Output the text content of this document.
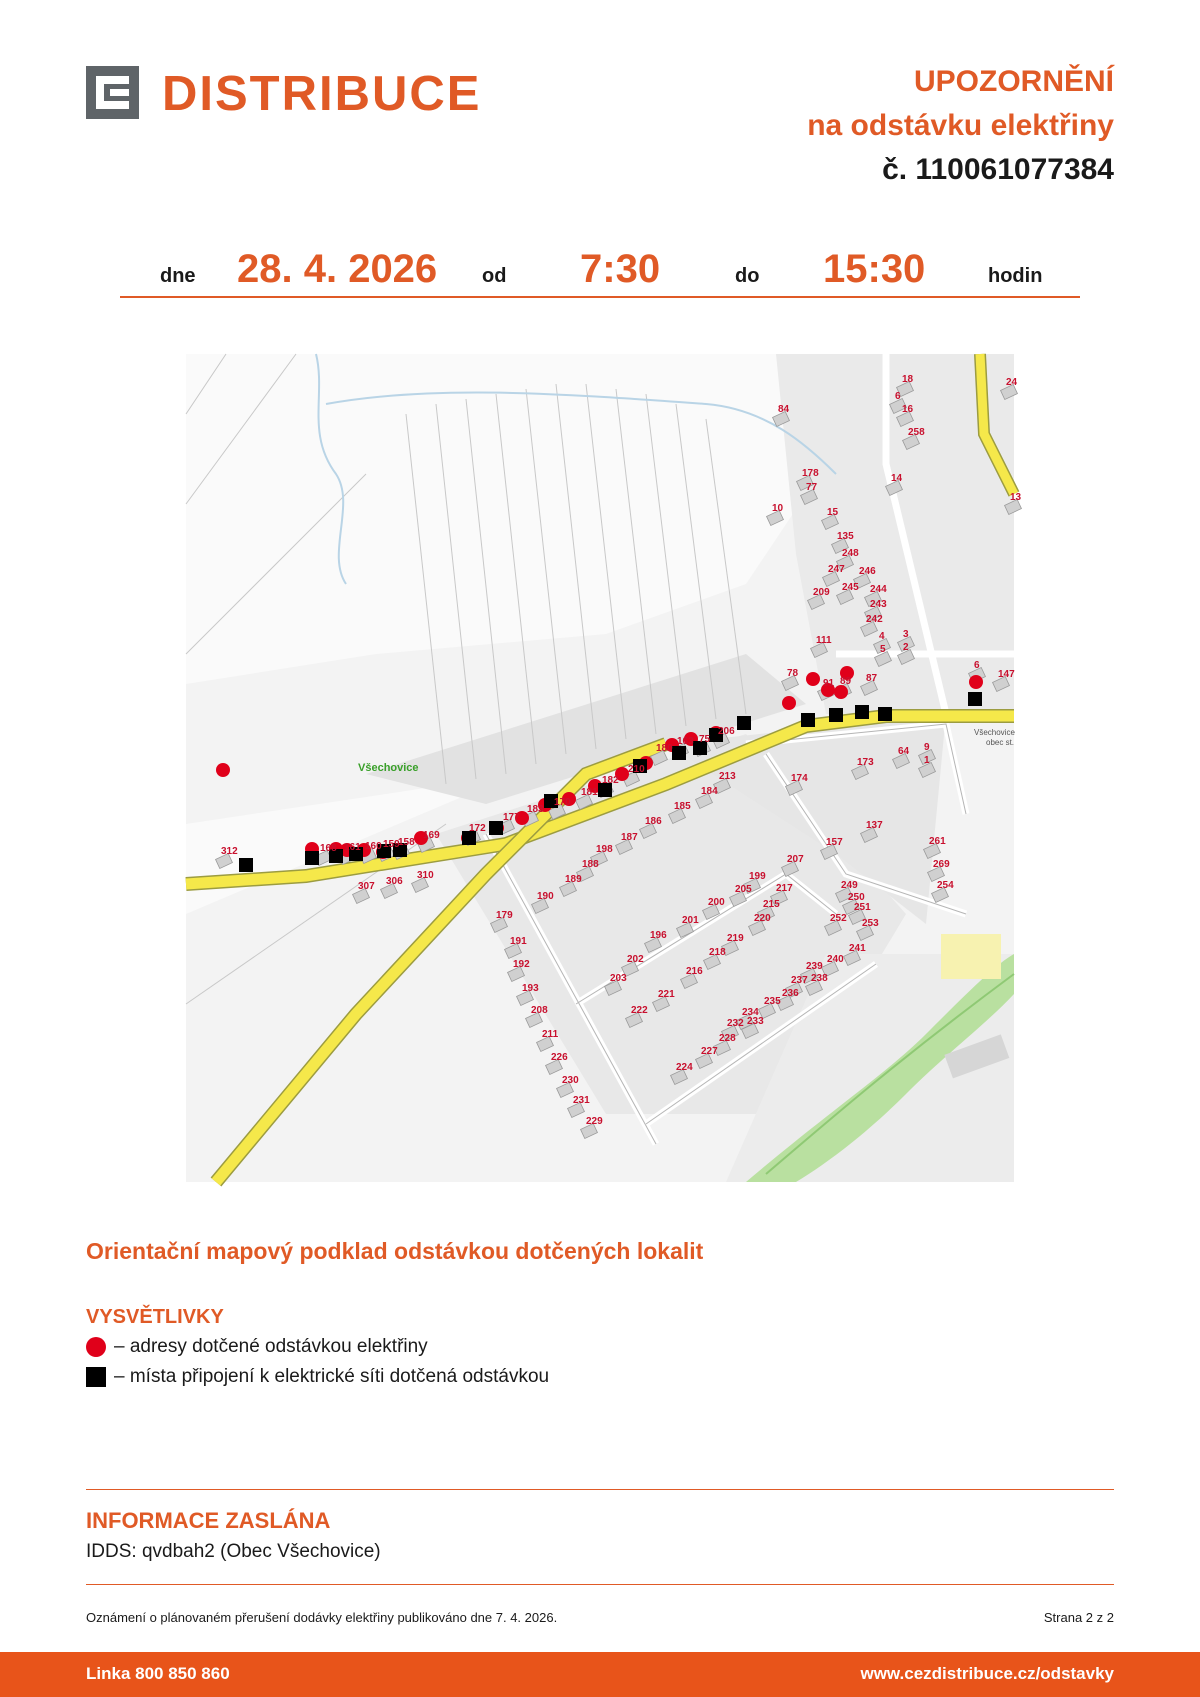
DISTRIBUCE	UPOZORNĚNÍ
na odstávku elektřiny
č. 110061077384
dne 28. 4. 2026 od 7:30	do 15:30	hodin
18
6
16
24
258
84
178
77
14
13
10	15
135
248
247 246
245 244
243
242
209
4
5
3
2
111
6
147
78
91 89 87
64 9
1
173
174
163 75
206
213
184
180
210
182
185
181
170
183
177
172
186
187
198
188
189
190
169
158
159
160
161
168
312
310
306
307
157
137
261
269
254
199
207
205 217	249
250
251
252 253
200	215
201	220
219
196
218
202
203
216
221
222
239
240
241
237 238
236
235
234
232 233
228
227
224
179
191
192
193
208
211
226
230
231
229
Všechovice
Všechovice
obec st.
Orientační mapový podklad odstávkou dotčených lokalit
VYSVĚTLIVKY
– adresy dotčené odstávkou elektřiny
– místa připojení k elektrické síti dotčená odstávkou
INFORMACE ZASLÁNA
IDDS: qvdbah2 (Obec Všechovice)
Oznámení o plánovaném přerušení dodávky elektřiny publikováno dne 7. 4. 2026.	Strana 2 z 2
Linka 800 850 860	www.cezdistribuce.cz/odstavky
